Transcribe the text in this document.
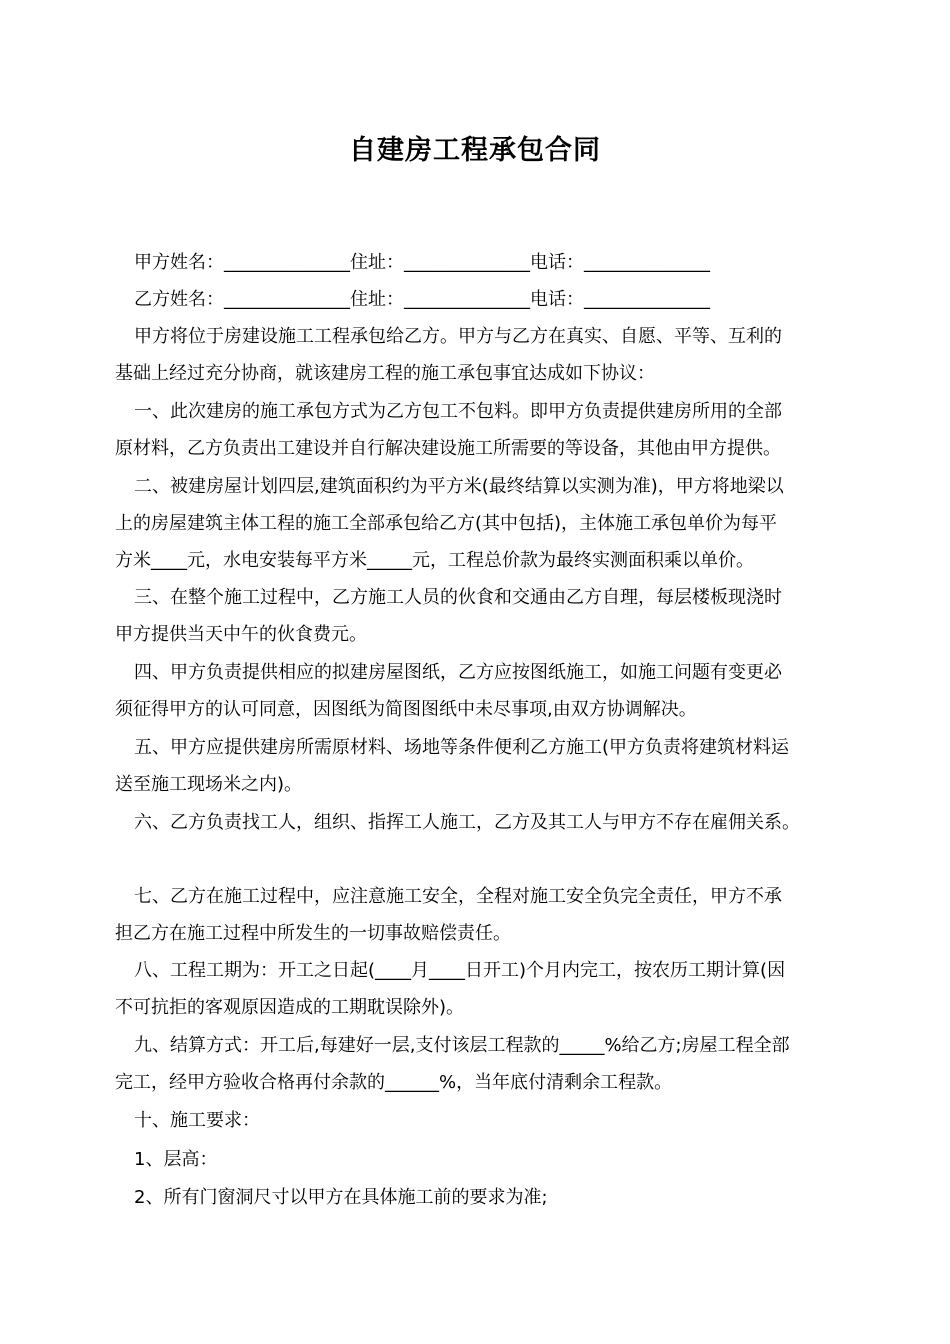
自建房工程承包合同
甲方姓名：______________住址：______________电话：______________
乙方姓名：______________住址：______________电话：______________
甲方将位于房建设施工工程承包给乙方。甲方与乙方在真实、自愿、平等、互利的
基础上经过充分协商，就该建房工程的施工承包事宜达成如下协议：
一、此次建房的施工承包方式为乙方包工不包料。即甲方负责提供建房所用的全部
原材料，乙方负责出工建设并自行解决建设施工所需要的等设备，其他由甲方提供。
二、被建房屋计划四层,建筑面积约为平方米(最终结算以实测为准)，甲方将地梁以
上的房屋建筑主体工程的施工全部承包给乙方(其中包括)，主体施工承包单价为每平
方米____元，水电安装每平方米_____元，工程总价款为最终实测面积乘以单价。
三、在整个施工过程中，乙方施工人员的伙食和交通由乙方自理，每层楼板现浇时
甲方提供当天中午的伙食费元。
四、甲方负责提供相应的拟建房屋图纸，乙方应按图纸施工，如施工问题有变更必
须征得甲方的认可同意，因图纸为简图图纸中未尽事项,由双方协调解决。
五、甲方应提供建房所需原材料、场地等条件便利乙方施工(甲方负责将建筑材料运
送至施工现场米之内)。
六、乙方负责找工人，组织、指挥工人施工，乙方及其工人与甲方不存在雇佣关系。
七、乙方在施工过程中，应注意施工安全，全程对施工安全负完全责任，甲方不承
担乙方在施工过程中所发生的一切事故赔偿责任。
八、工程工期为：开工之日起(____月____日开工)个月内完工，按农历工期计算(因
不可抗拒的客观原因造成的工期耽误除外)。
九、结算方式：开工后,每建好一层,支付该层工程款的_____%给乙方;房屋工程全部
完工，经甲方验收合格再付余款的______%，当年底付清剩余工程款。
十、施工要求：
1、层高：
2、所有门窗洞尺寸以甲方在具体施工前的要求为准;
